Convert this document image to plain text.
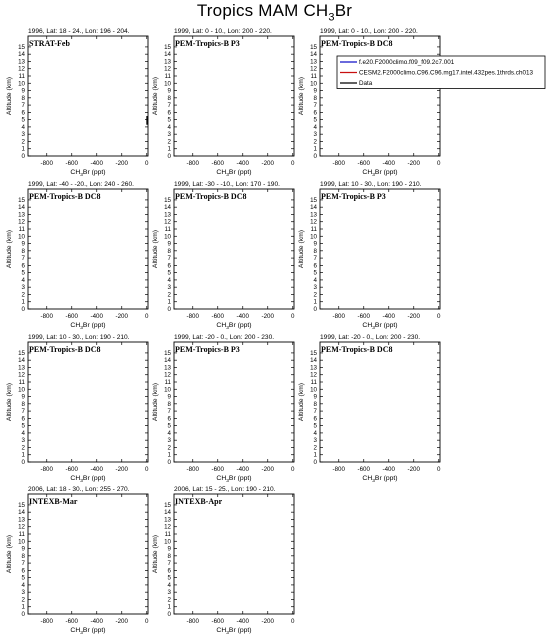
Tropics MAM $CH_3Br$
1996, Lat: 18 - 24., Lon: 196 - 204.
STRAT-Feb
0
1
2
3
4
5
6
7
8
9
10
11
12
13
14
15
-800 -600 -400 -200	0
$CH_3Br$ (ppt)
Altitude (km)
1999, Lat: 0 - 10., Lon: 200 - 220.
PEM-Tropics-B P3
0
1
2
3
4
5
6
7
8
9
10
11
12
13
14
15
-800 -600 -400 -200	0
$CH_3Br$ (ppt)
Altitude (km)
1999, Lat: 0 - 10., Lon: 200 - 220.
PEM-Tropics-B DC8
0
1
2
3
4
5
6
7
8
9
10
11
12
13
14
15
-800 -600 -400 -200	0
$CH_3Br$ (ppt)
Altitude (km)
1999, Lat: -40 - -20., Lon: 240 - 260.
PEM-Tropics-B DC8
0
1
2
3
4
5
6
7
8
9
10
11
12
13
14
15
-800 -600 -400 -200	0
$CH_3Br$ (ppt)
Altitude (km)
1999, Lat: -30 - -10., Lon: 170 - 190.
PEM-Tropics-B DC8
0
1
2
3
4
5
6
7
8
9
10
11
12
13
14
15
-800 -600 -400 -200	0
$CH_3Br$ (ppt)
Altitude (km)
1999, Lat: 10 - 30., Lon: 190 - 210.
PEM-Tropics-B P3
0
1
2
3
4
5
6
7
8
9
10
11
12
13
14
15
-800 -600 -400 -200	0
$CH_3Br$ (ppt)
Altitude (km)
1999, Lat: 10 - 30., Lon: 190 - 210.
PEM-Tropics-B DC8
0
1
2
3
4
5
6
7
8
9
10
11
12
13
14
15
-800 -600 -400 -200	0
$CH_3Br$ (ppt)
Altitude (km)
1999, Lat: -20 - 0., Lon: 200 - 230.
PEM-Tropics-B P3
0
1
2
3
4
5
6
7
8
9
10
11
12
13
14
15
-800 -600 -400 -200	0
$CH_3Br$ (ppt)
Altitude (km)
1999, Lat: -20 - 0., Lon: 200 - 230.
PEM-Tropics-B DC8
0
1
2
3
4
5
6
7
8
9
10
11
12
13
14
15
-800 -600 -400 -200	0
$CH_3Br$ (ppt)
Altitude (km)
2006, Lat: 18 - 30., Lon: 255 - 270.
INTEXB-Mar
0
1
2
3
4
5
6
7
8
9
10
11
12
13
14
15
-800 -600 -400 -200	0
$CH_3Br$ (ppt)
Altitude (km)
2006, Lat: 15 - 25., Lon: 190 - 210.
INTEXB-Apr
0
1
2
3
4
5
6
7
8
9
10
11
12
13
14
15
-800 -600 -400 -200	0
$CH_3Br$ (ppt)
Altitude (km)
f.e20.F2000climo.f09_f09.2c7.001
CESM2.F2000climo.C96.C96.mg17.intel.432pes.1thrds.ch013
Data
